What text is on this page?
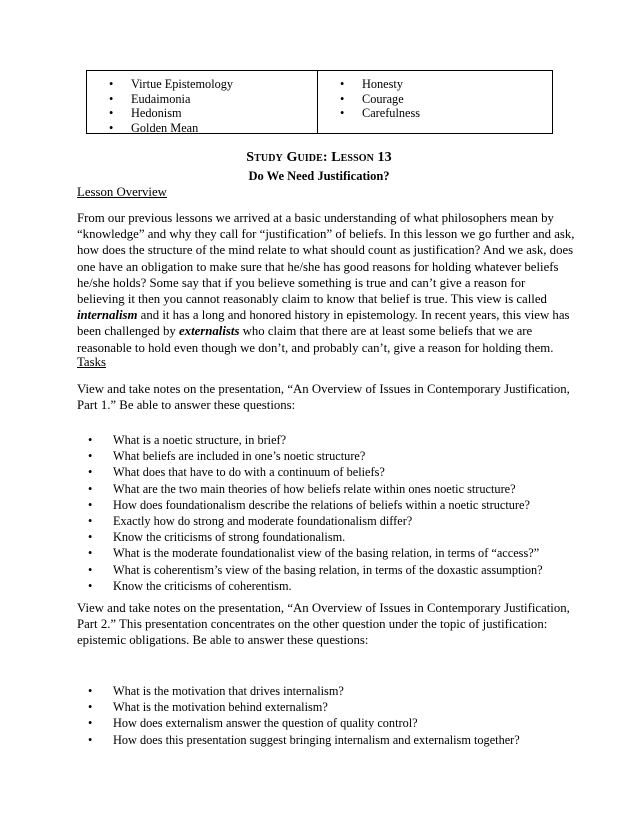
• Virtue Epistemology
• Eudaimonia
• Hedonism
• Golden Mean
• Honesty
• Courage
• Carefulness
Study Guide: Lesson 13
Do We Need Justification?
Lesson Overview
From our previous lessons we arrived at a basic understanding of what philosophers mean by
“knowledge” and why they call for “justification” of beliefs. In this lesson we go further and ask,
how does the structure of the mind relate to what should count as justification? And we ask, does
one have an obligation to make sure that he/she has good reasons for holding whatever beliefs
he/she holds? Some say that if you believe something is true and can’t give a reason for
believing it then you cannot reasonably claim to know that belief is true. This view is called
internalism and it has a long and honored history in epistemology. In recent years, this view has
been challenged by externalists who claim that there are at least some beliefs that we are
reasonable to hold even though we don’t, and probably can’t, give a reason for holding them.
Tasks
View and take notes on the presentation, “An Overview of Issues in Contemporary Justification,
Part 1.” Be able to answer these questions:
• What is a noetic structure, in brief?
• What beliefs are included in one’s noetic structure?
• What does that have to do with a continuum of beliefs?
• What are the two main theories of how beliefs relate within ones noetic structure?
• How does foundationalism describe the relations of beliefs within a noetic structure?
• Exactly how do strong and moderate foundationalism differ?
• Know the criticisms of strong foundationalism.
• What is the moderate foundationalist view of the basing relation, in terms of “access?”
• What is coherentism’s view of the basing relation, in terms of the doxastic assumption?
• Know the criticisms of coherentism.
View and take notes on the presentation, “An Overview of Issues in Contemporary Justification,
Part 2.” This presentation concentrates on the other question under the topic of justification:
epistemic obligations. Be able to answer these questions:
• What is the motivation that drives internalism?
• What is the motivation behind externalism?
• How does externalism answer the question of quality control?
• How does this presentation suggest bringing internalism and externalism together?
